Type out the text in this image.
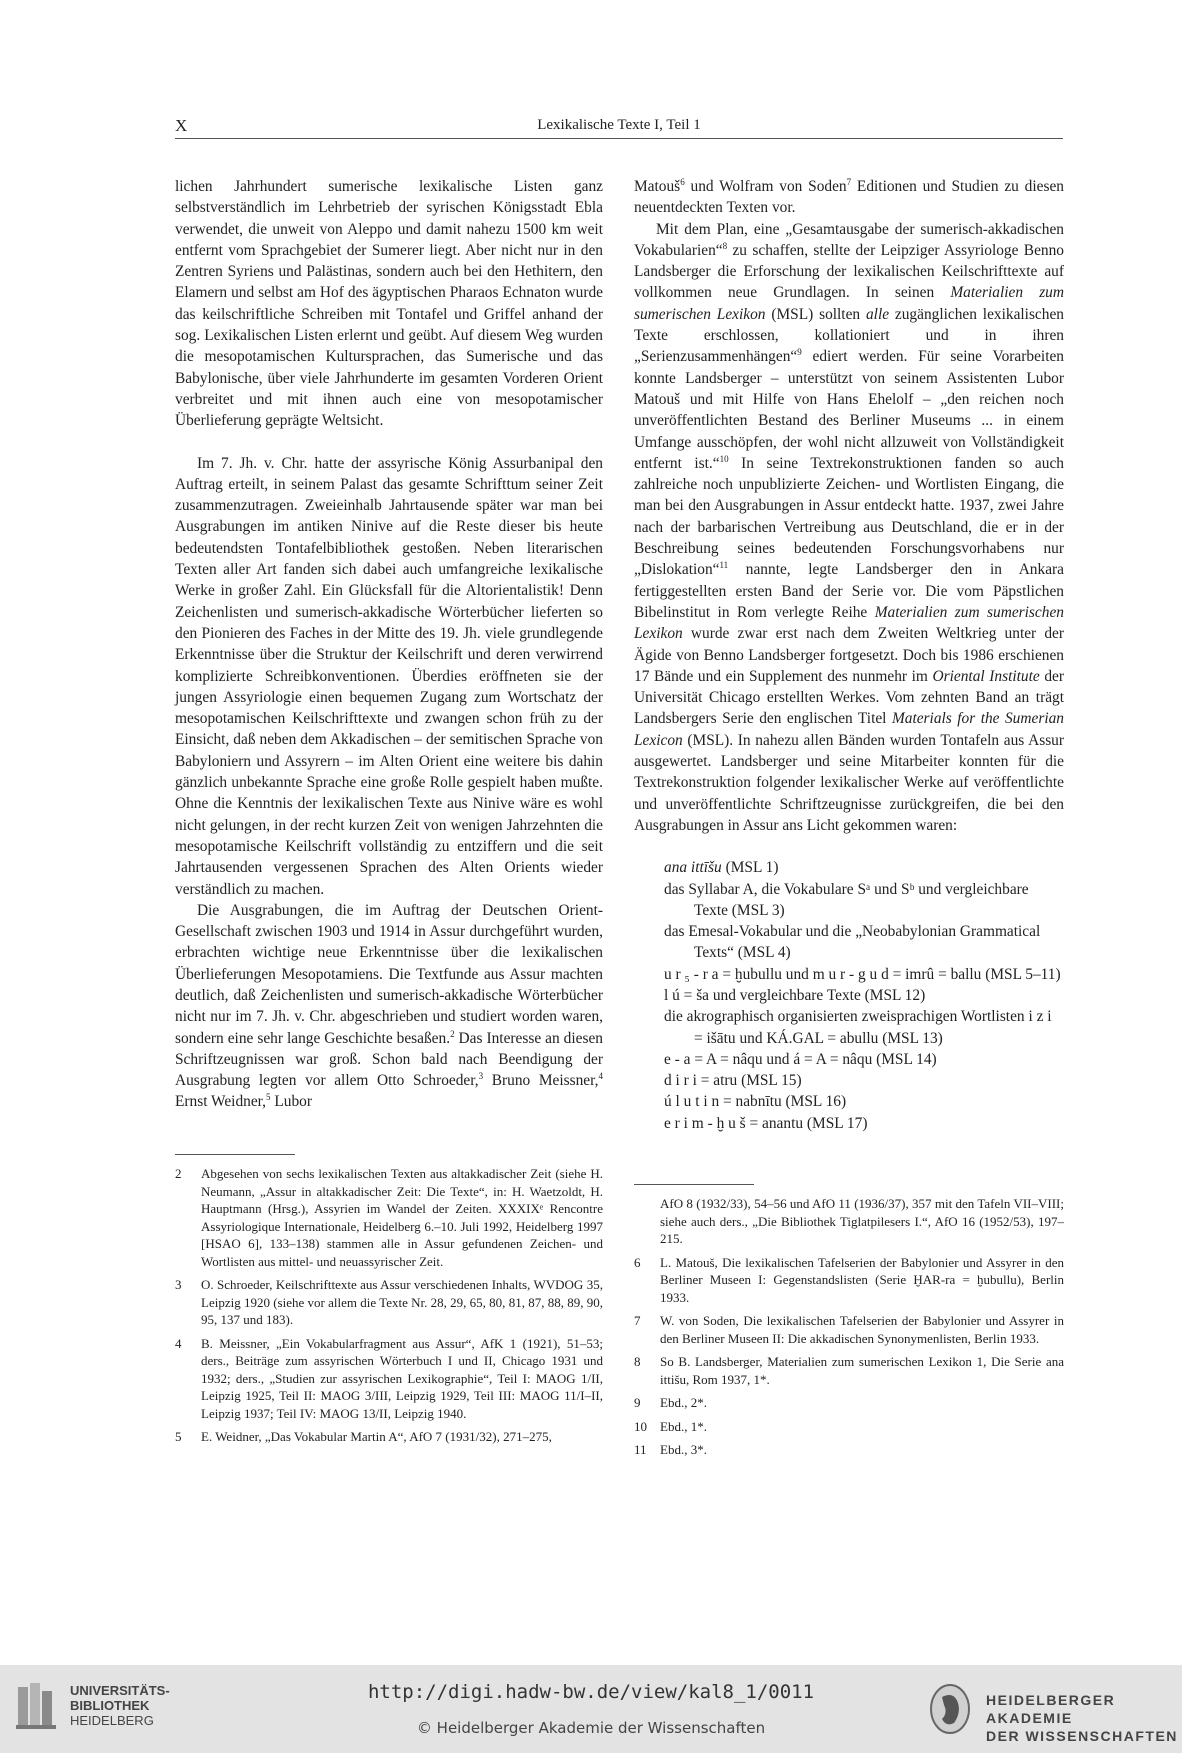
X	Lexikalische Texte I, Teil 1

lichen Jahrhundert sumerische lexikalische Listen ganz selbstverständlich im Lehrbetrieb der syrischen Königsstadt Ebla verwendet, die unweit von Aleppo und damit nahezu 1500 km weit entfernt vom Sprachgebiet der Sumerer liegt. Aber nicht nur in den Zentren Syriens und Palästinas, sondern auch bei den Hethitern, den Elamern und selbst am Hof des ägyptischen Pharaos Echnaton wurde das keilschriftliche Schreiben mit Tontafel und Griffel anhand der sog. Lexikalischen Listen erlernt und geübt. Auf diesem Weg wurden die mesopotamischen Kultursprachen, das Sumerische und das Babylonische, über viele Jahrhunderte im gesamten Vorderen Orient verbreitet und mit ihnen auch eine von mesopotamischer Überlieferung geprägte Weltsicht.

Im 7. Jh. v. Chr. hatte der assyrische König Assurbanipal den Auftrag erteilt, in seinem Palast das gesamte Schrifttum seiner Zeit zusammenzutragen. Zweieinhalb Jahrtausende später war man bei Ausgrabungen im antiken Ninive auf die Reste dieser bis heute bedeutendsten Tontafelbibliothek gestoßen. Neben literarischen Texten aller Art fanden sich dabei auch umfangreiche lexikalische Werke in großer Zahl. Ein Glücksfall für die Altorientalistik! Denn Zeichenlisten und sumerisch-akkadische Wörterbücher lieferten so den Pionieren des Faches in der Mitte des 19. Jh. viele grundlegende Erkenntnisse über die Struktur der Keilschrift und deren verwirrend komplizierte Schreibkonventionen. Überdies eröffneten sie der jungen Assyriologie einen bequemen Zugang zum Wortschatz der mesopotamischen Keilschrifttexte und zwangen schon früh zu der Einsicht, daß neben dem Akkadischen – der semitischen Sprache von Babyloniern und Assyrern – im Alten Orient eine weitere bis dahin gänzlich unbekannte Sprache eine große Rolle gespielt haben mußte. Ohne die Kenntnis der lexikalischen Texte aus Ninive wäre es wohl nicht gelungen, in der recht kurzen Zeit von wenigen Jahrzehnten die mesopotamische Keilschrift vollständig zu entziffern und die seit Jahrtausenden vergessenen Sprachen des Alten Orients wieder verständlich zu machen.

Die Ausgrabungen, die im Auftrag der Deutschen Orient-Gesellschaft zwischen 1903 und 1914 in Assur durchgeführt wurden, erbrachten wichtige neue Erkenntnisse über die lexikalischen Überlieferungen Mesopotamiens. Die Textfunde aus Assur machten deutlich, daß Zeichenlisten und sumerisch-akkadische Wörterbücher nicht nur im 7. Jh. v. Chr. abgeschrieben und studiert worden waren, sondern eine sehr lange Geschichte besaßen.$^2$ Das Interesse an diesen Schriftzeugnissen war groß. Schon bald nach Beendigung der Ausgrabung legten vor allem Otto Schroeder,$^3$ Bruno Meissner,$^4$ Ernst Weidner,$^5$ Lubor

Matouš$^6$ und Wolfram von Soden$^7$ Editionen und Studien zu diesen neuentdeckten Texten vor.

Mit dem Plan, eine „Gesamtausgabe der sumerisch-akkadischen Vokabularien“$^8$ zu schaffen, stellte der Leipziger Assyriologe Benno Landsberger die Erforschung der lexikalischen Keilschrifttexte auf vollkommen neue Grundlagen. In seinen Materialien zum sumerischen Lexikon (MSL) sollten alle zugänglichen lexikalischen Texte erschlossen, kollationiert und in ihren „Serienzusammenhängen“$^9$ ediert werden. Für seine Vorarbeiten konnte Landsberger – unterstützt von seinem Assistenten Lubor Matouš und mit Hilfe von Hans Ehelolf – „den reichen noch unveröffentlichten Bestand des Berliner Museums ... in einem Umfange ausschöpfen, der wohl nicht allzuweit von Vollständigkeit entfernt ist.“$^{10}$ In seine Textrekonstruktionen fanden so auch zahlreiche noch unpublizierte Zeichen- und Wortlisten Eingang, die man bei den Ausgrabungen in Assur entdeckt hatte. 1937, zwei Jahre nach der barbarischen Vertreibung aus Deutschland, die er in der Beschreibung seines bedeutenden Forschungsvorhabens nur „Dislokation“$^{11}$ nannte, legte Landsberger den in Ankara fertiggestellten ersten Band der Serie vor. Die vom Päpstlichen Bibelinstitut in Rom verlegte Reihe Materialien zum sumerischen Lexikon wurde zwar erst nach dem Zweiten Weltkrieg unter der Ägide von Benno Landsberger fortgesetzt. Doch bis 1986 erschienen 17 Bände und ein Supplement des nunmehr im Oriental Institute der Universität Chicago erstellten Werkes. Vom zehnten Band an trägt Landsbergers Serie den englischen Titel Materials for the Sumerian Lexicon (MSL). In nahezu allen Bänden wurden Tontafeln aus Assur ausgewertet. Landsberger und seine Mitarbeiter konnten für die Textrekonstruktion folgender lexikalischer Werke auf veröffentlichte und unveröffentlichte Schriftzeugnisse zurückgreifen, die bei den Ausgrabungen in Assur ans Licht gekommen waren:

ana ittīšu (MSL 1)
das Syllabar A, die Vokabulare Sᵃ und Sᵇ und vergleichbare Texte (MSL 3)
das Emesal-Vokabular und die „Neobabylonian Grammatical Texts“ (MSL 4)
u r ₅ - r a = ḫubullu und m u r - g u d = imrû = ballu (MSL 5–11)
l ú = ša und vergleichbare Texte (MSL 12)
die akrographisch organisierten zweisprachigen Wortlisten i z i = išātu und KÁ.GAL = abullu (MSL 13)
e - a = A = nâqu und á = A = nâqu (MSL 14)
d i r i = atru (MSL 15)
ú l u t i n = nabnītu (MSL 16)
e r i m - ḫ u š = anantu (MSL 17)
2	Abgesehen von sechs lexikalischen Texten aus altakkadischer Zeit (siehe H. Neumann, „Assur in altakkadischer Zeit: Die Texte“, in: H. Waetzoldt, H. Hauptmann (Hrsg.), Assyrien im Wandel der Zeiten. XXXIXᵉ Rencontre Assyriologique Internationale, Heidelberg 6.–10. Juli 1992, Heidelberg 1997 [HSAO 6], 133–138) stammen alle in Assur gefundenen Zeichen- und Wortlisten aus mittel- und neuassyrischer Zeit.
3	O. Schroeder, Keilschrifttexte aus Assur verschiedenen Inhalts, WVDOG 35, Leipzig 1920 (siehe vor allem die Texte Nr. 28, 29, 65, 80, 81, 87, 88, 89, 90, 95, 137 und 183).
4	B. Meissner, „Ein Vokabularfragment aus Assur“, AfK 1 (1921), 51–53; ders., Beiträge zum assyrischen Wörterbuch I und II, Chicago 1931 und 1932; ders., „Studien zur assyrischen Lexikographie“, Teil I: MAOG 1/II, Leipzig 1925, Teil II: MAOG 3/III, Leipzig 1929, Teil III: MAOG 11/I–II, Leipzig 1937; Teil IV: MAOG 13/II, Leipzig 1940.
5	E. Weidner, „Das Vokabular Martin A“, AfO 7 (1931/32), 271–275,
AfO 8 (1932/33), 54–56 und AfO 11 (1936/37), 357 mit den Tafeln VII–VIII; siehe auch ders., „Die Bibliothek Tiglatpilesers I.“, AfO 16 (1952/53), 197–215.
6	L. Matouš, Die lexikalischen Tafelserien der Babylonier und Assyrer in den Berliner Museen I: Gegenstandslisten (Serie ḪAR-ra = ḫubullu), Berlin 1933.
7	W. von Soden, Die lexikalischen Tafelserien der Babylonier und Assyrer in den Berliner Museen II: Die akkadischen Synonymenlisten, Berlin 1933.
8	So B. Landsberger, Materialien zum sumerischen Lexikon 1, Die Serie ana ittišu, Rom 1937, 1*.
9	Ebd., 2*.
10	Ebd., 1*.
11	Ebd., 3*.
UNIVERSITÄTS-
BIBLIOTHEK
HEIDELBERG
http://digi.hadw-bw.de/view/kal8_1/0011
© Heidelberger Akademie der Wissenschaften
HEIDELBERGER AKADEMIE
DER WISSENSCHAFTEN
